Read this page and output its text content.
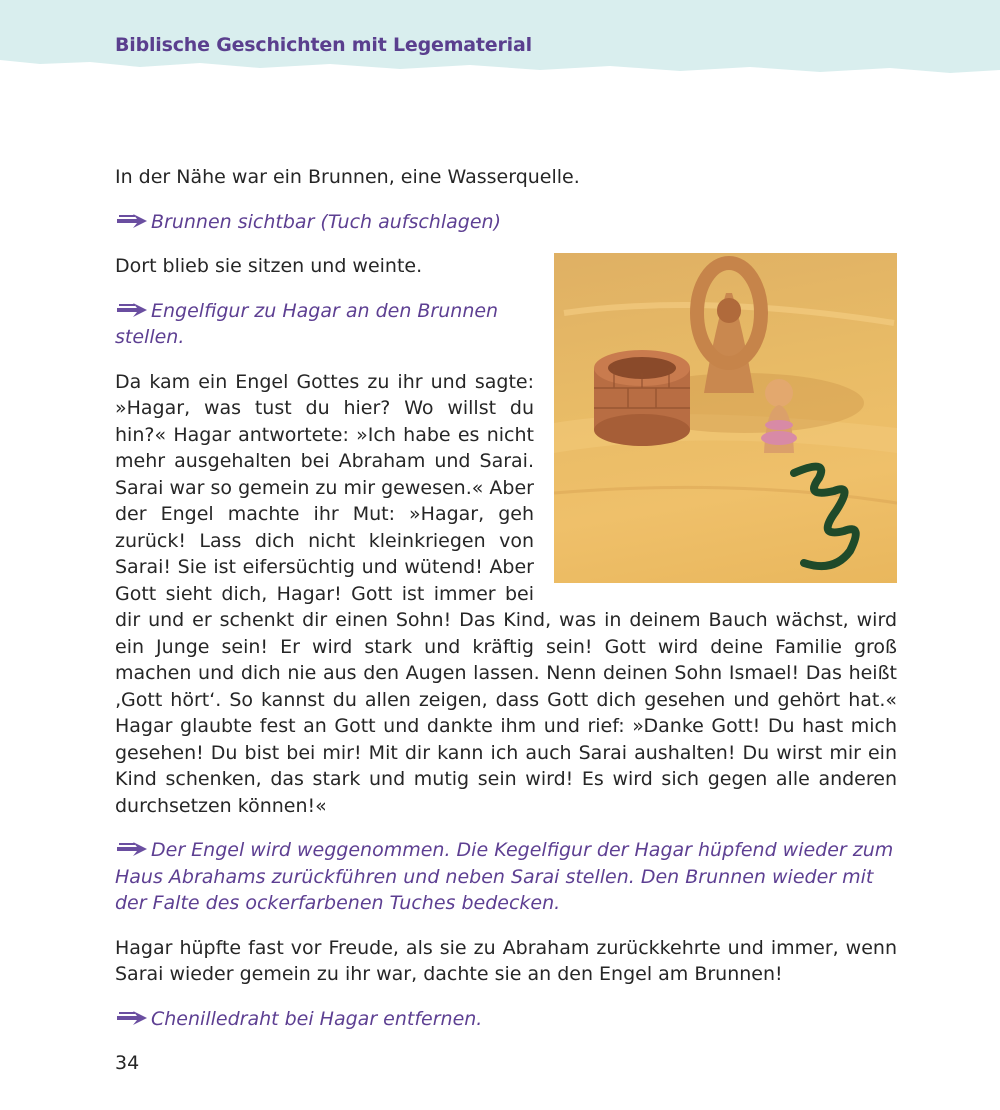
Biblische Geschichten mit Legematerial

In der Nähe war ein Brunnen, eine Wasserquelle.

Brunnen sichtbar (Tuch aufschlagen)

Dort blieb sie sitzen und weinte.

Engelfigur zu Hagar an den Brunnen stellen.

Da kam ein Engel Gottes zu ihr und sagte: »Hagar, was tust du hier? Wo willst du hin?« Hagar antwortete: »Ich habe es nicht mehr ausgehalten bei Abraham und Sarai. Sarai war so gemein zu mir gewesen.« Aber der Engel machte ihr Mut: »Hagar, geh zurück! Lass dich nicht kleinkriegen von Sarai! Sie ist eifersüchtig und wütend! Aber Gott sieht dich, Hagar! Gott ist immer bei dir und er schenkt dir einen Sohn! Das Kind, was in deinem Bauch wächst, wird ein Junge sein! Er wird stark und kräftig sein! Gott wird deine Familie groß machen und dich nie aus den Augen lassen. Nenn deinen Sohn Ismael! Das heißt ‚Gott hört‘. So kannst du allen zeigen, dass Gott dich gesehen und gehört hat.« Hagar glaubte fest an Gott und dankte ihm und rief: »Danke Gott! Du hast mich gesehen! Du bist bei mir! Mit dir kann ich auch Sarai aushalten! Du wirst mir ein Kind schenken, das stark und mutig sein wird! Es wird sich gegen alle anderen durchsetzen können!«

Der Engel wird weggenommen. Die Kegelfigur der Hagar hüpfend wieder zum Haus Abrahams zurückführen und neben Sarai stellen. Den Brunnen wieder mit der Falte des ockerfarbenen Tuches bedecken.

Hagar hüpfte fast vor Freude, als sie zu Abraham zurückkehrte und immer, wenn Sarai wieder gemein zu ihr war, dachte sie an den Engel am Brunnen!

Chenilledraht bei Hagar entfernen.

34
